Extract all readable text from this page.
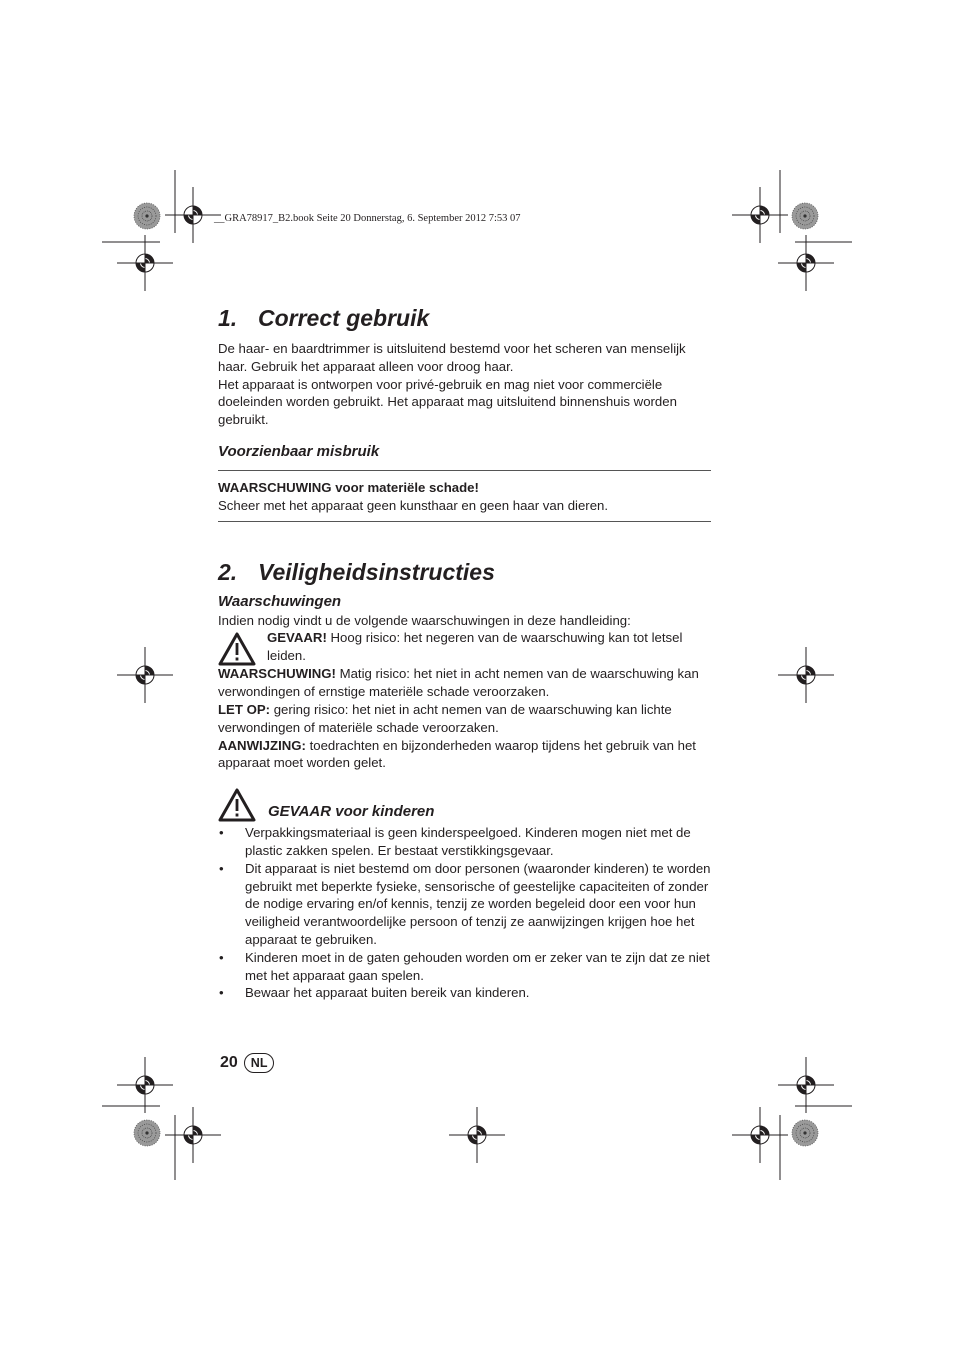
__GRA78917_B2.book Seite 20 Donnerstag, 6. September 2012 7:53 07
1. Correct gebruik

De haar- en baardtrimmer is uitsluitend bestemd voor het scheren van menselijk haar. Gebruik het apparaat alleen voor droog haar.

Het apparaat is ontworpen voor privé-gebruik en mag niet voor commerciële doeleinden worden gebruikt. Het apparaat mag uitsluitend binnenshuis worden gebruikt.

Voorzienbaar misbruik
WAARSCHUWING voor materiële schade!
Scheer met het apparaat geen kunsthaar en geen haar van dieren.
2. Veiligheidsinstructies
Waarschuwingen

Indien nodig vindt u de volgende waarschuwingen in deze handleiding:

GEVAAR! Hoog risico: het negeren van de waarschuwing kan tot letsel leiden.

WAARSCHUWING! Matig risico: het niet in acht nemen van de waarschuwing kan verwondingen of ernstige materiële schade veroorzaken.

LET OP: gering risico: het niet in acht nemen van de waarschuwing kan lichte verwondingen of materiële schade veroorzaken.

AANWIJZING: toedrachten en bijzonderheden waarop tijdens het gebruik van het apparaat moet worden gelet.

GEVAAR voor kinderen
• Verpakkingsmateriaal is geen kinderspeelgoed. Kinderen mogen niet met de plastic zakken spelen. Er bestaat verstikkingsgevaar.
• Dit apparaat is niet bestemd om door personen (waaronder kinderen) te worden gebruikt met beperkte fysieke, sensorische of geestelijke capaciteiten of zonder de nodige ervaring en/of kennis, tenzij ze worden begeleid door een voor hun veiligheid verantwoordelijke persoon of tenzij ze aanwijzingen krijgen hoe het apparaat te gebruiken.
• Kinderen moet in de gaten gehouden worden om er zeker van te zijn dat ze niet met het apparaat gaan spelen.
• Bewaar het apparaat buiten bereik van kinderen.
20	NL
